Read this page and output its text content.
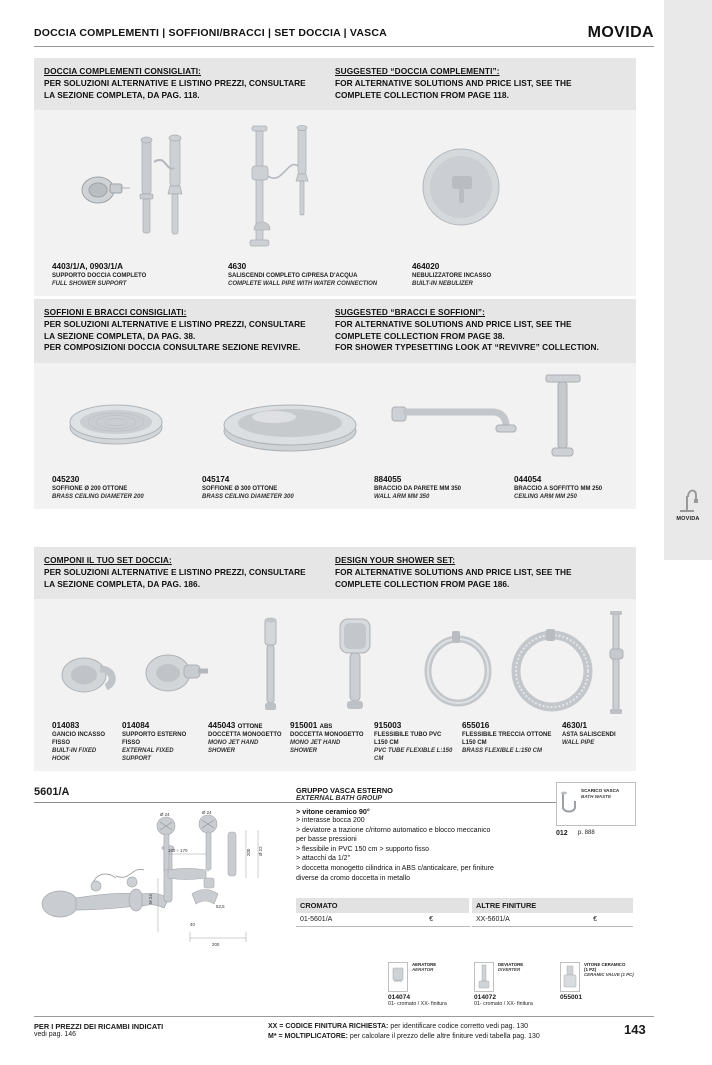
DOCCIA COMPLEMENTI | SOFFIONI/BRACCI | SET DOCCIA | VASCA	MOVIDA
MOVIDA
DOCCIA COMPLEMENTI CONSIGLIATI:
PER SOLUZIONI ALTERNATIVE E LISTINO PREZZI, CONSULTARE
LA SEZIONE COMPLETA, DA PAG. 118.
SUGGESTED “DOCCIA COMPLEMENTI”:
FOR ALTERNATIVE SOLUTIONS AND PRICE LIST, SEE THE
COMPLETE COLLECTION FROM PAGE 118.
4403/1/A, 0903/1/A
SUPPORTO DOCCIA COMPLETO
FULL SHOWER SUPPORT
4630
SALISCENDI COMPLETO C/PRESA D'ACQUA
COMPLETE WALL PIPE WITH WATER CONNECTION
464020
NEBULIZZATORE INCASSO
BUILT-IN NEBULIZER
SOFFIONI E BRACCI CONSIGLIATI:
PER SOLUZIONI ALTERNATIVE E LISTINO PREZZI, CONSULTARE
LA SEZIONE COMPLETA, DA PAG. 38.
PER COMPOSIZIONI DOCCIA CONSULTARE SEZIONE REVIVRE.
SUGGESTED “BRACCI E SOFFIONI”:
FOR ALTERNATIVE SOLUTIONS AND PRICE LIST, SEE THE
COMPLETE COLLECTION FROM PAGE 38.
FOR SHOWER TYPESETTING LOOK AT “REVIVRE” COLLECTION.
045230
SOFFIONE Ø 200 OTTONE
BRASS CEILING DIAMETER 200
045174
SOFFIONE Ø 300 OTTONE
BRASS CEILING DIAMETER 300
884055
BRACCIO DA PARETE MM 350
WALL ARM MM 350
044054
BRACCIO A SOFFITTO MM 250
CEILING ARM MM 250
COMPONI IL TUO SET DOCCIA:
PER SOLUZIONI ALTERNATIVE E LISTINO PREZZI, CONSULTARE
LA SEZIONE COMPLETA, DA PAG. 186.
DESIGN YOUR SHOWER SET:
FOR ALTERNATIVE SOLUTIONS AND PRICE LIST, SEE THE
COMPLETE COLLECTION FROM PAGE 186.
014083
GANCIO INCASSO FISSO
BUILT-IN FIXED HOOK
014084
SUPPORTO ESTERNO FISSO
EXTERNAL FIXED SUPPORT
445043 OTTONE
DOCCETTA MONOGETTO
MONO JET HAND SHOWER
915001 ABS
DOCCETTA MONOGETTO
MONO JET HAND SHOWER
915003
FLESSIBILE TUBO PVC L150 CM
PVC TUBE FLEXIBLE L:150 CM
655016
FLESSIBILE TRECCIA OTTONE L150 CM
BRASS FLEXIBLE L:150 CM
4630/1
ASTA SALISCENDI
WALL PIPE
5601/A
Ø 24	Ø 24
130 ÷ 170	200
M 24
52,5
40
200
Ø 22
GRUPPO VASCA ESTERNO
EXTERNAL BATH GROUP
> vitone ceramico 90°
> interasse bocca 200
> deviatore a trazione c/ritorno automatico e blocco meccanico
per basse pressioni
> flessibile in PVC 150 cm > supporto fisso
> attacchi da 1/2"
> doccetta monogetto cilindrica in ABS c/anticalcare, per finiture
diverse da cromo doccetta in metallo
SCARICO VASCA
BATH WASTE
012 p. 888
CROMATO	ALTRE FINITURE
01-5601/A	€	XX-5601/A	€
AERATORE
AERATOR
014074
01- cromato / XX- finitura
DEVIATORE
DIVERTER
014072
01- cromato / XX- finitura
VITONE CERAMICO
(1 PZ)
CERAMIC VALVE (1 PC)
055001
PER I PREZZI DEI RICAMBI INDICATI
vedi pag. 146
XX = CODICE FINITURA RICHIESTA: per identificare codice corretto vedi pag. 130
M* = MOLTIPLICATORE: per calcolare il prezzo delle altre finiture vedi tabella pag. 130	143
